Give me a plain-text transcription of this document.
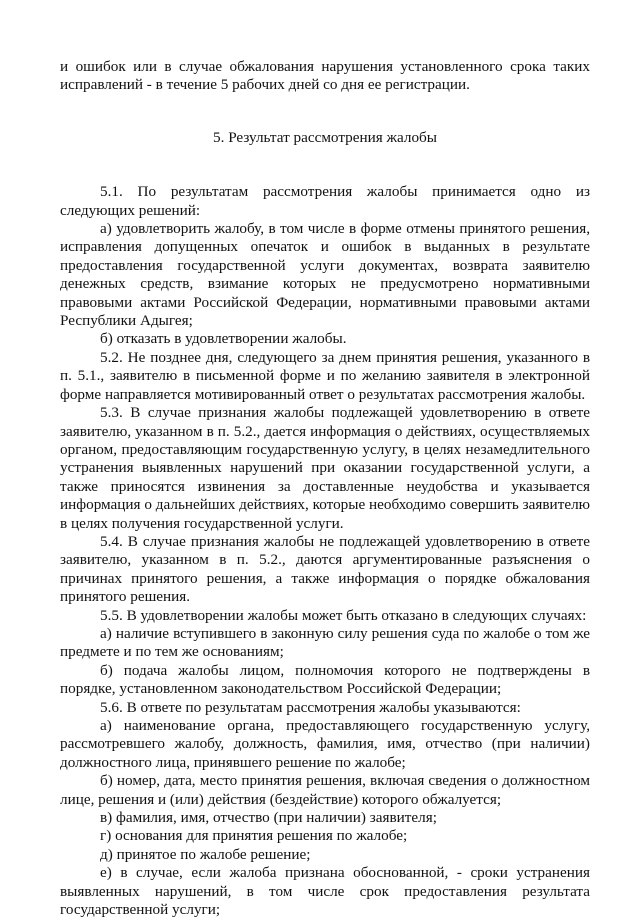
и ошибок или в случае обжалования нарушения установленного срока таких исправлений - в течение 5 рабочих дней со дня ее регистрации.

5. Результат рассмотрения жалобы

5.1. По результатам рассмотрения жалобы принимается одно из следующих решений:

а) удовлетворить жалобу, в том числе в форме отмены принятого решения, исправления допущенных опечаток и ошибок в выданных в результате предоставления государственной услуги документах, возврата заявителю денежных средств, взимание которых не предусмотрено нормативными правовыми актами Российской Федерации, нормативными правовыми актами Республики Адыгея;

б) отказать в удовлетворении жалобы.

5.2. Не позднее дня, следующего за днем принятия решения, указанного в п. 5.1., заявителю в письменной форме и по желанию заявителя в электронной форме направляется мотивированный ответ о результатах рассмотрения жалобы.

5.3. В случае признания жалобы подлежащей удовлетворению в ответе заявителю, указанном в п. 5.2., дается информация о действиях, осуществляемых органом, предоставляющим государственную услугу, в целях незамедлительного устранения выявленных нарушений при оказании государственной услуги, а также приносятся извинения за доставленные неудобства и указывается информация о дальнейших действиях, которые необходимо совершить заявителю в целях получения государственной услуги.

5.4. В случае признания жалобы не подлежащей удовлетворению в ответе заявителю, указанном в п. 5.2., даются аргументированные разъяснения о причинах принятого решения, а также информация о порядке обжалования принятого решения.

5.5. В удовлетворении жалобы может быть отказано в следующих случаях:

а) наличие вступившего в законную силу решения суда по жалобе о том же предмете и по тем же основаниям;

б) подача жалобы лицом, полномочия которого не подтверждены в порядке, установленном законодательством Российской Федерации;

5.6. В ответе по результатам рассмотрения жалобы указываются:

а) наименование органа, предоставляющего государственную услугу, рассмотревшего жалобу, должность, фамилия, имя, отчество (при наличии) должностного лица, принявшего решение по жалобе;

б) номер, дата, место принятия решения, включая сведения о должностном лице, решения и (или) действия (бездействие) которого обжалуется;

в) фамилия, имя, отчество (при наличии) заявителя;

г) основания для принятия решения по жалобе;

д) принятое по жалобе решение;

е) в случае, если жалоба признана обоснованной, - сроки устранения выявленных нарушений, в том числе срок предоставления результата государственной услуги;
